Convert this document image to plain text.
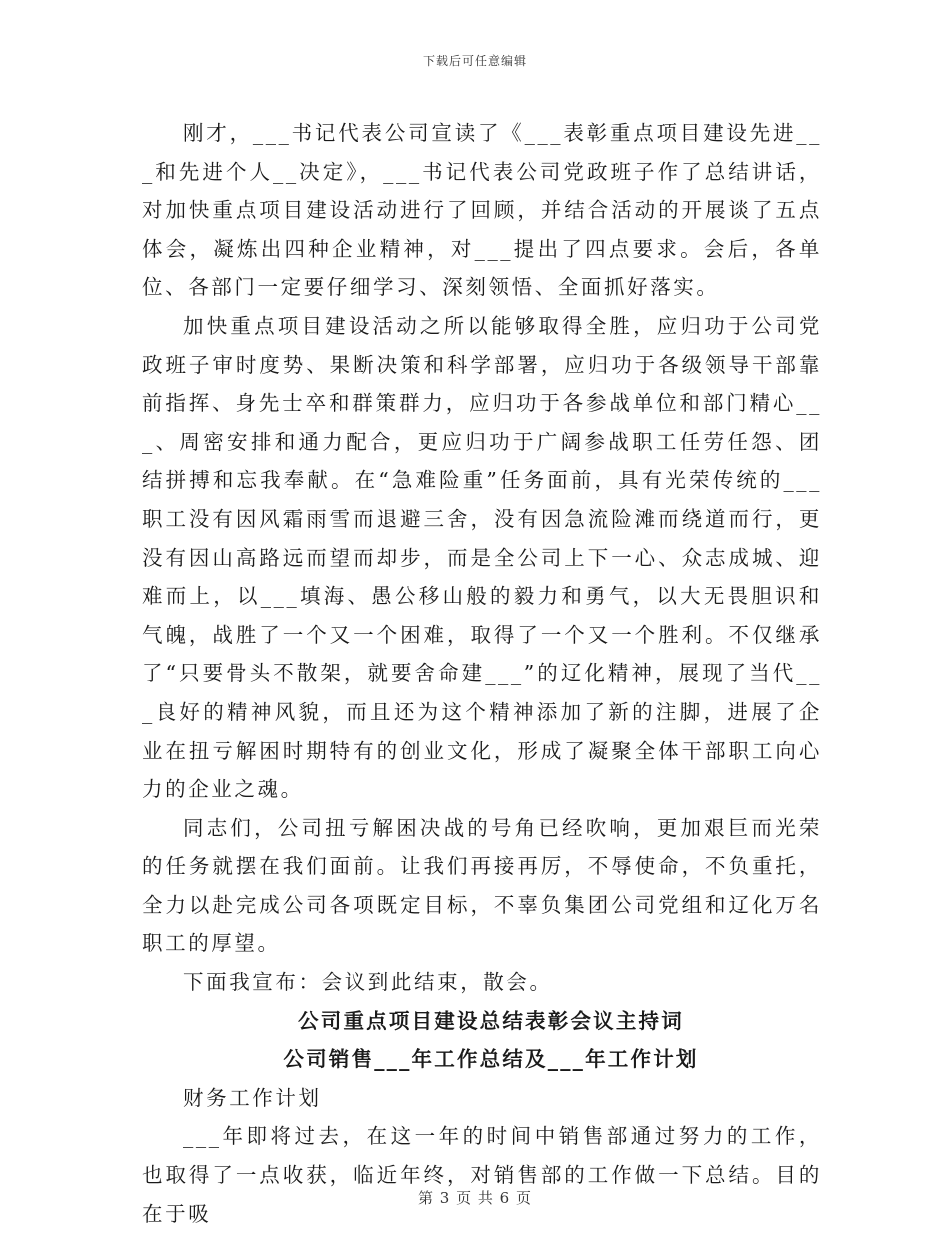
下载后可任意编辑

刚才，___书记代表公司宣读了《___表彰重点项目建设先进___和先进个人__决定》，___书记代表公司党政班子作了总结讲话，对加快重点项目建设活动进行了回顾，并结合活动的开展谈了五点体会，凝炼出四种企业精神，对___提出了四点要求。会后，各单位、各部门一定要仔细学习、深刻领悟、全面抓好落实。

加快重点项目建设活动之所以能够取得全胜，应归功于公司党政班子审时度势、果断决策和科学部署，应归功于各级领导干部靠前指挥、身先士卒和群策群力，应归功于各参战单位和部门精心___、周密安排和通力配合，更应归功于广阔参战职工任劳任怨、团结拼搏和忘我奉献。在“急难险重”任务面前，具有光荣传统的___职工没有因风霜雨雪而退避三舍，没有因急流险滩而绕道而行，更没有因山高路远而望而却步，而是全公司上下一心、众志成城、迎难而上，以___填海、愚公移山般的毅力和勇气，以大无畏胆识和气魄，战胜了一个又一个困难，取得了一个又一个胜利。不仅继承了“只要骨头不散架，就要舍命建___”的辽化精神，展现了当代___良好的精神风貌，而且还为这个精神添加了新的注脚，进展了企业在扭亏解困时期特有的创业文化，形成了凝聚全体干部职工向心力的企业之魂。

同志们，公司扭亏解困决战的号角已经吹响，更加艰巨而光荣的任务就摆在我们面前。让我们再接再厉，不辱使命，不负重托，全力以赴完成公司各项既定目标，不辜负集团公司党组和辽化万名职工的厚望。

下面我宣布：会议到此结束，散会。

公司重点项目建设总结表彰会议主持词

公司销售___年工作总结及___年工作计划

财务工作计划

___年即将过去，在这一年的时间中销售部通过努力的工作，也取得了一点收获，临近年终，对销售部的工作做一下总结。目的在于吸

第 3 页 共 6 页
